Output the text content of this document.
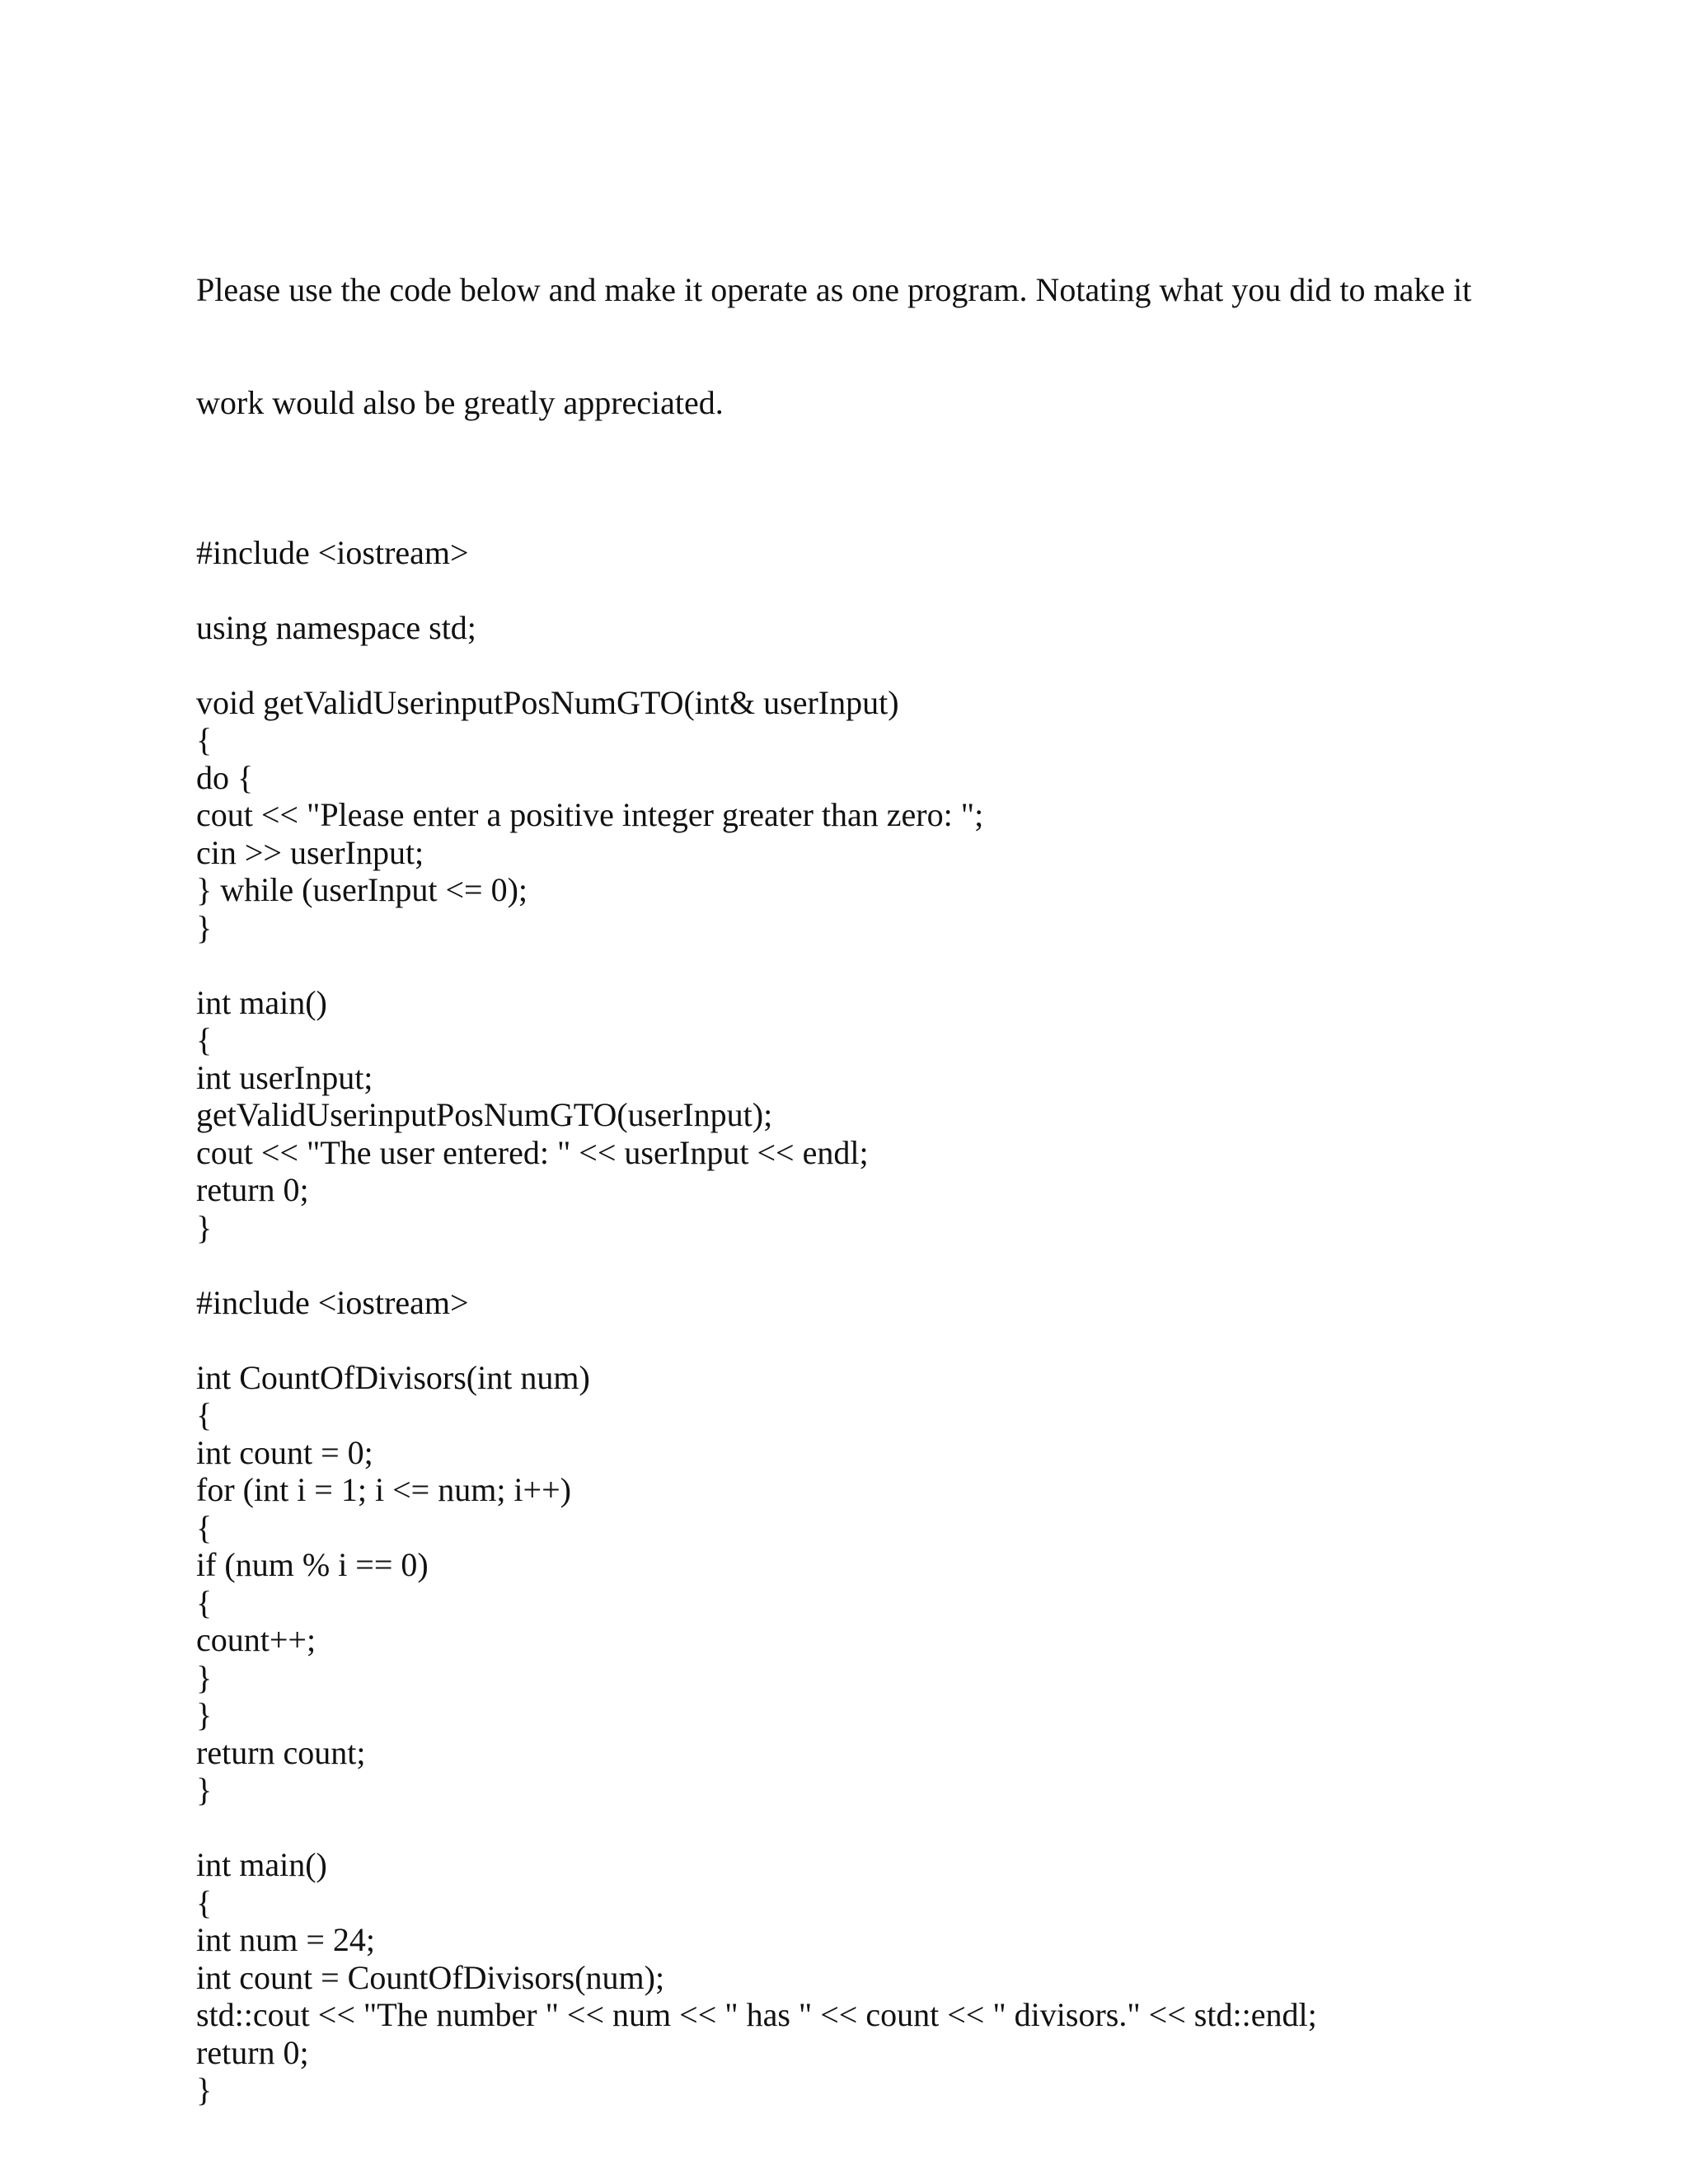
Please use the code below and make it operate as one program. Notating what you did to make it

work would also be greatly appreciated.

#include <iostream>
using namespace std;
void getValidUserinputPosNumGTO(int& userInput)
{
do {
cout << "Please enter a positive integer greater than zero: ";
cin >> userInput;
} while (userInput <= 0);
}
int main()
{
int userInput;
getValidUserinputPosNumGTO(userInput);
cout << "The user entered: " << userInput << endl;
return 0;
}
#include <iostream>
int CountOfDivisors(int num)
{
int count = 0;
for (int i = 1; i <= num; i++)
{
if (num % i == 0)
{
count++;
}
}
return count;
}
int main()
{
int num = 24;
int count = CountOfDivisors(num);
std::cout << "The number " << num << " has " << count << " divisors." << std::endl;
return 0;
}
